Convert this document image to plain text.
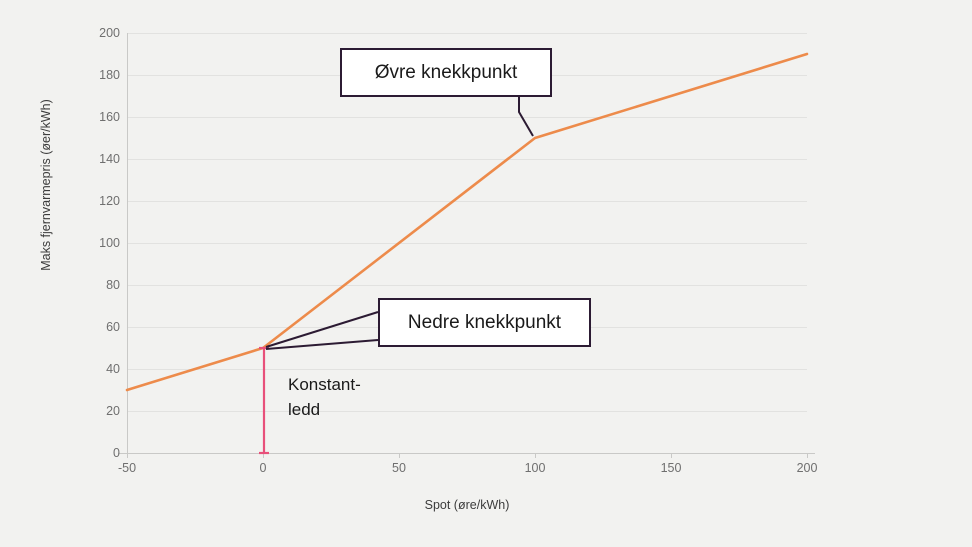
200
180
160
140
120
100
80
60
40
20
0
-50	0	50	100	150	200
Maks fjernvarmepris (øer/kWh)
Spot (øre/kWh)
Øvre knekkpunkt
Nedre knekkpunkt
Konstant-
ledd
